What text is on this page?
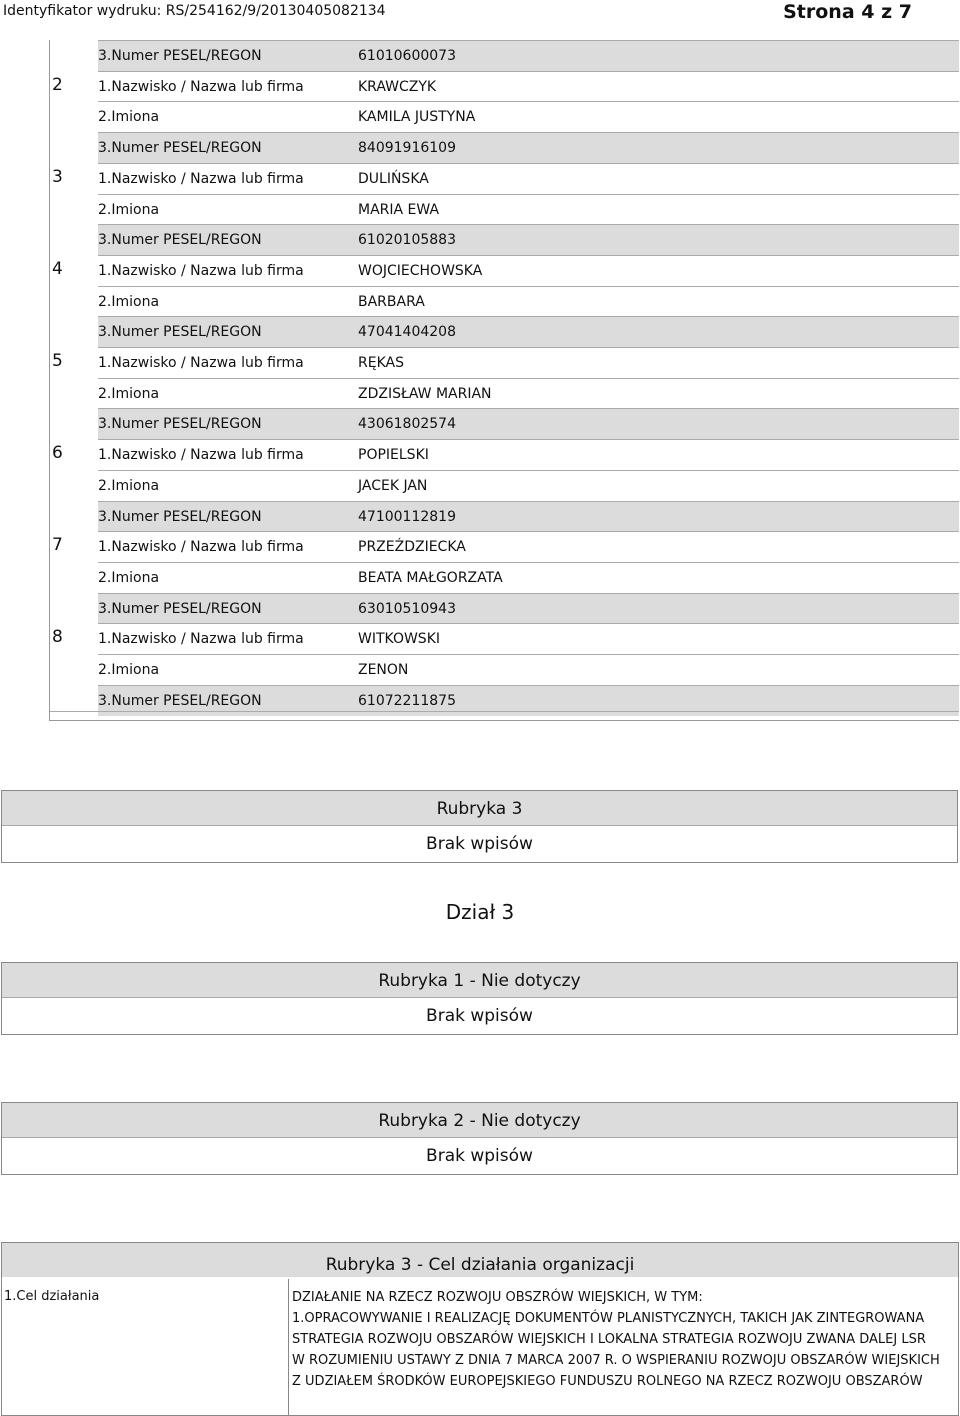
Identyfikator wydruku: RS/254162/9/20130405082134	Strona 4 z 7
3.Numer PESEL/REGON	61010600073
2	1.Nazwisko / Nazwa lub firma	KRAWCZYK
2.Imiona	KAMILA JUSTYNA
3.Numer PESEL/REGON	84091916109
3	1.Nazwisko / Nazwa lub firma	DULIŃSKA
2.Imiona	MARIA EWA
3.Numer PESEL/REGON	61020105883
4	1.Nazwisko / Nazwa lub firma	WOJCIECHOWSKA
2.Imiona	BARBARA
3.Numer PESEL/REGON	47041404208
5	1.Nazwisko / Nazwa lub firma	RĘKAS
2.Imiona	ZDZISŁAW MARIAN
3.Numer PESEL/REGON	43061802574
6	1.Nazwisko / Nazwa lub firma	POPIELSKI
2.Imiona	JACEK JAN
3.Numer PESEL/REGON	47100112819
7	1.Nazwisko / Nazwa lub firma	PRZEŹDZIECKA
2.Imiona	BEATA MAŁGORZATA
3.Numer PESEL/REGON	63010510943
8	1.Nazwisko / Nazwa lub firma	WITKOWSKI
2.Imiona	ZENON
3.Numer PESEL/REGON	61072211875
Rubryka 3
Brak wpisów
Dział 3
Rubryka 1 - Nie dotyczy
Brak wpisów
Rubryka 2 - Nie dotyczy
Brak wpisów
Rubryka 3 - Cel działania organizacji
1.Cel działania	DZIAŁANIE NA RZECZ ROZWOJU OBSZRÓW WIEJSKICH, W TYM:
1.OPRACOWYWANIE I REALIZACJĘ DOKUMENTÓW PLANISTYCZNYCH, TAKICH JAK ZINTEGROWANA
STRATEGIA ROZWOJU OBSZARÓW WIEJSKICH I LOKALNA STRATEGIA ROZWOJU ZWANA DALEJ LSR
W ROZUMIENIU USTAWY Z DNIA 7 MARCA 2007 R. O WSPIERANIU ROZWOJU OBSZARÓW WIEJSKICH
Z UDZIAŁEM ŚRODKÓW EUROPEJSKIEGO FUNDUSZU ROLNEGO NA RZECZ ROZWOJU OBSZARÓW
